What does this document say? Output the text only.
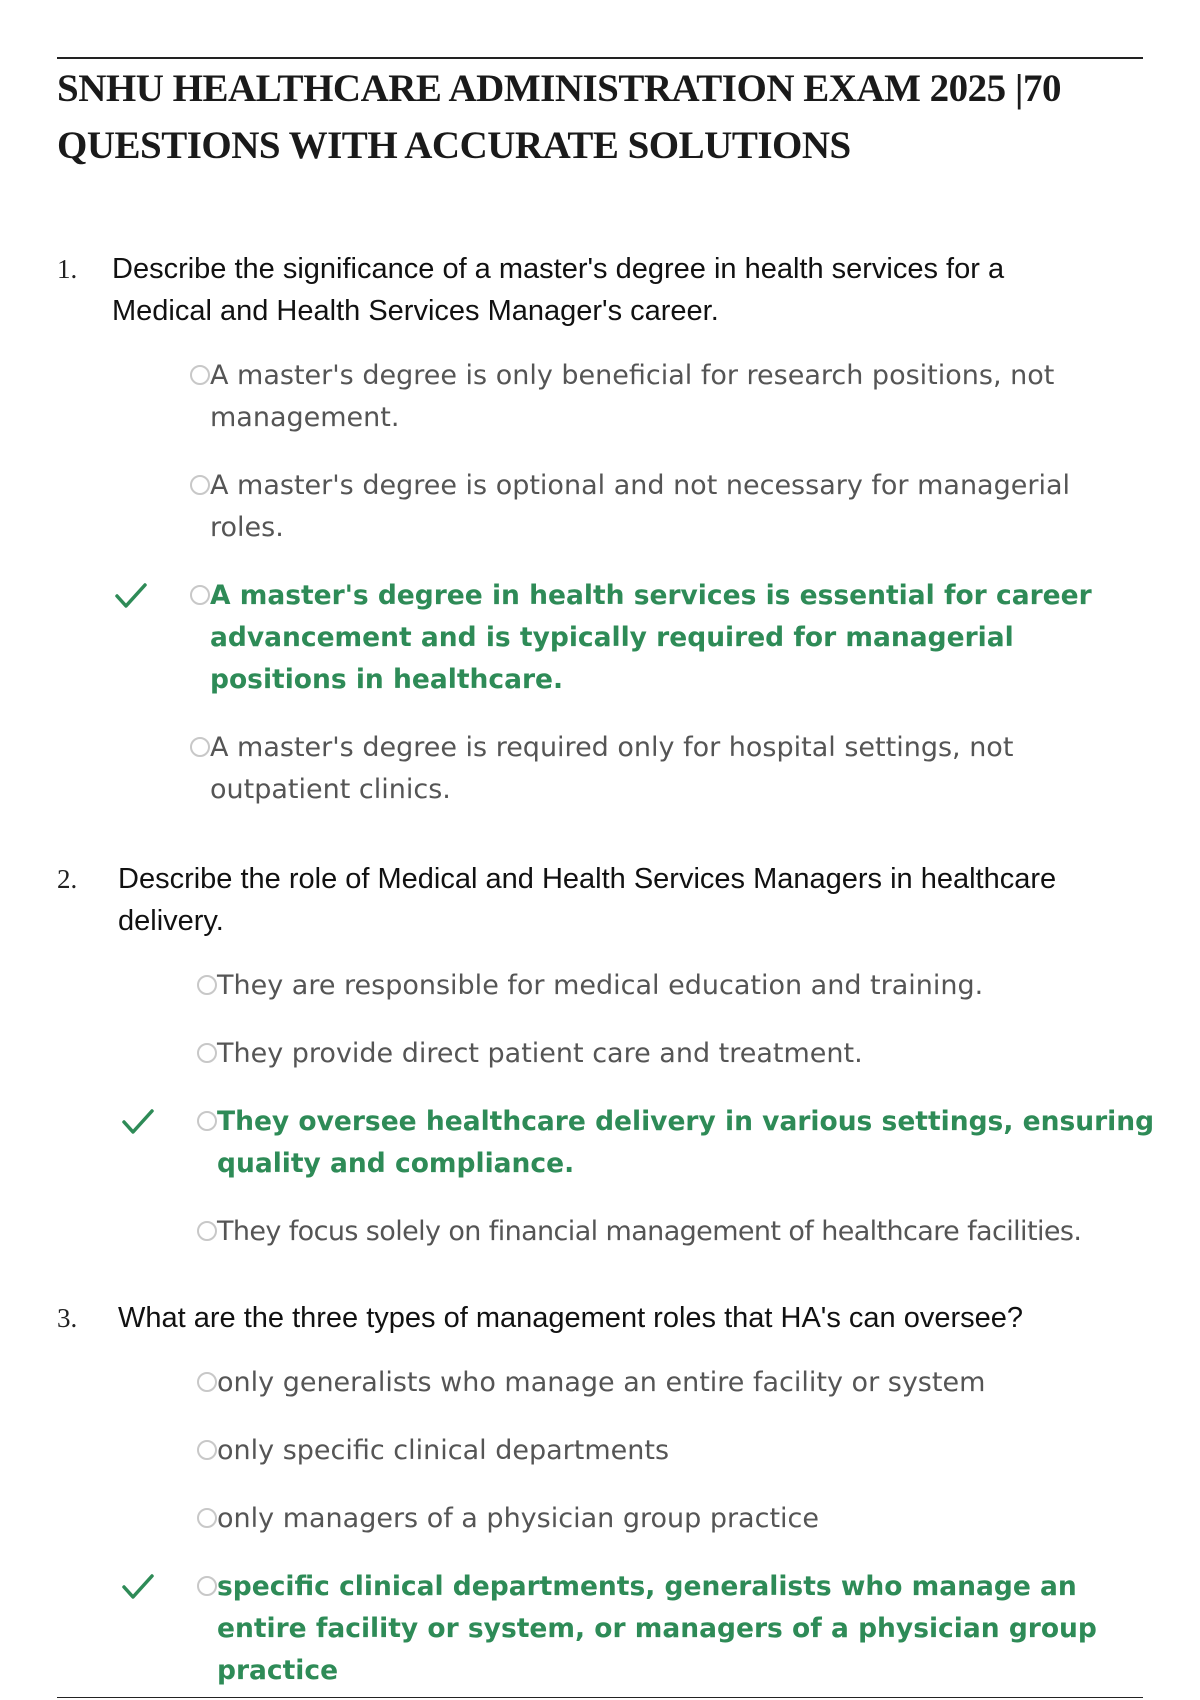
SNHU HEALTHCARE ADMINISTRATION EXAM 2025 |70 QUESTIONS WITH ACCURATE SOLUTIONS
1. Describe the significance of a master's degree in health services for a Medical and Health Services Manager's career.

A master's degree is only beneficial for research positions, not management.
A master's degree is optional and not necessary for managerial roles.
A master's degree in health services is essential for career advancement and is typically required for managerial positions in healthcare.
A master's degree is required only for hospital settings, not outpatient clinics.
2. Describe the role of Medical and Health Services Managers in healthcare delivery.

They are responsible for medical education and training.
They provide direct patient care and treatment.
They oversee healthcare delivery in various settings, ensuring quality and compliance.
They focus solely on financial management of healthcare facilities.
3. What are the three types of management roles that HA's can oversee?

only generalists who manage an entire facility or system
only specific clinical departments
only managers of a physician group practice
specific clinical departments, generalists who manage an entire facility or system, or managers of a physician group practice
